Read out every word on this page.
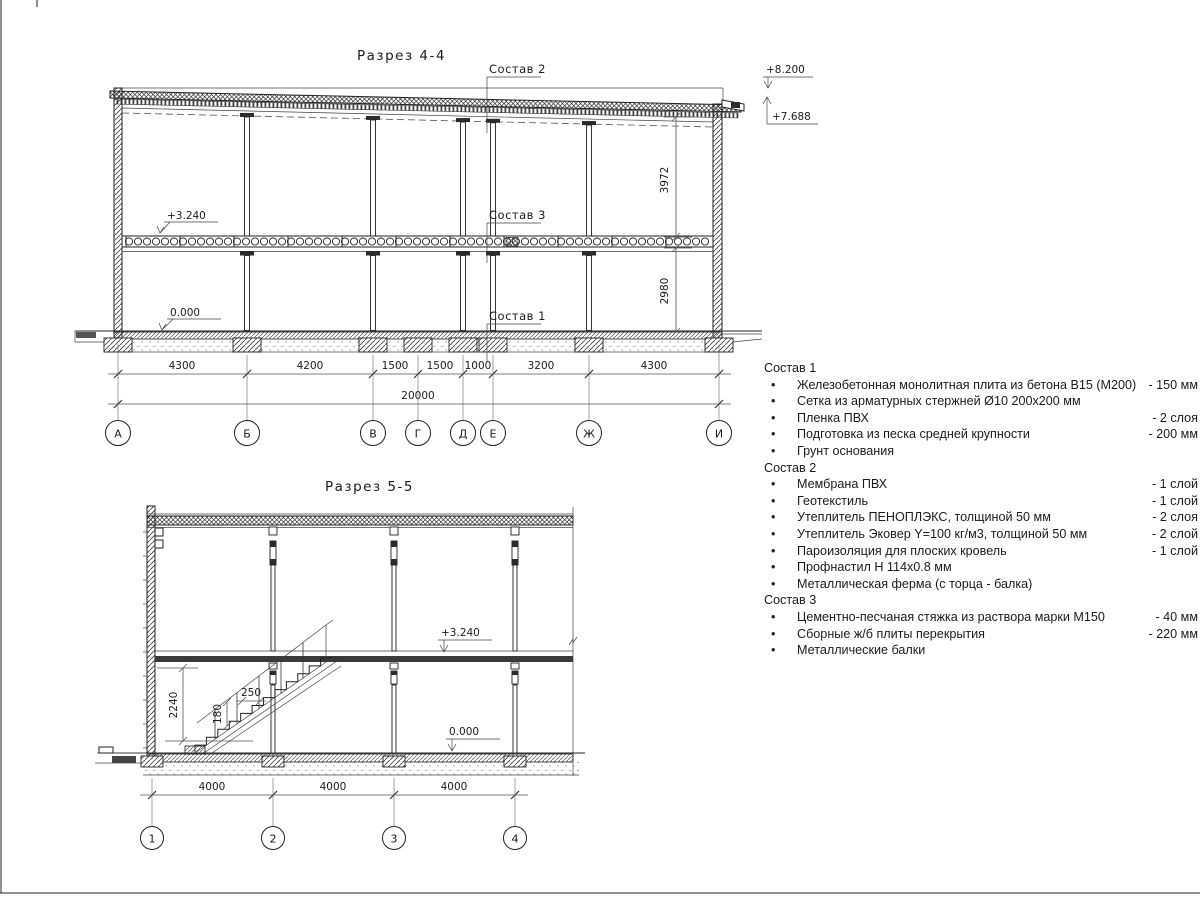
Разрез 4-4
Состав 2
Состав 3
Состав 1
+8.200
+7.688
+3.240
0.000
3972
2980
4300	4200	1500 1500 1000	3200	4300
20000
А	Б	В	Г	Д Е	Ж	И
Разрез 5-5
2240	250
180
+3.240
0.000
4000	4000	4000
1	2	3	4
Состав 1
•	Железобетонная монолитная плита из бетона В15 (М200) - 150 мм
•	Сетка из арматурных стержней Ø10 200х200 мм
•	Пленка ПВХ	- 2 слоя
•	Подготовка из песка средней крупности	- 200 мм
•	Грунт основания
Состав 2
•	Мембрана ПВХ	- 1 слой
•	Геотекстиль	- 1 слой
•	Утеплитель ПЕНОПЛЭКС, толщиной 50 мм	- 2 слоя
•	Утеплитель Эковер Y=100 кг/м3, толщиной 50 мм	- 2 слой
•	Пароизоляция для плоских кровель	- 1 слой
•	Профнастил Н 114х0.8 мм
•	Металлическая ферма (с торца - балка)
Состав 3
•	Цементно-песчаная стяжка из раствора марки М150	- 40 мм
•	Сборные ж/б плиты перекрытия	- 220 мм
•	Металлические балки
